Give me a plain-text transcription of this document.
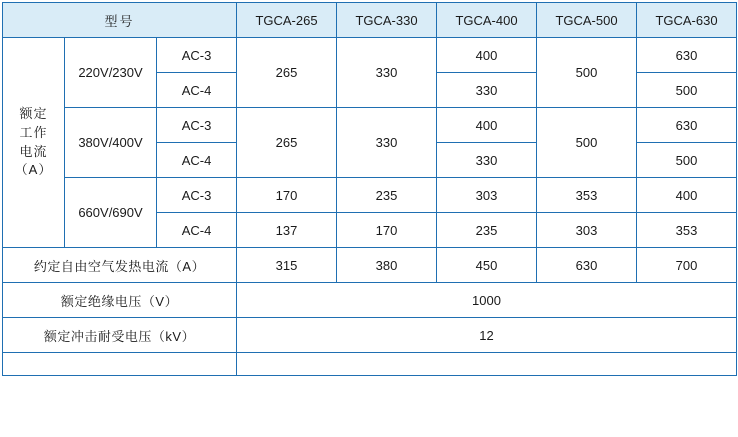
型号			TGCA-265	TGCA-330	TGCA-400	TGCA-500	TGCA-630

额定
工作
电流
（A）	220V/230V	AC-3	265	330	400	500	630
		AC-4			330		500
	380V/400V	AC-3	265	330	400	500	630
		AC-4			330		500
	660V/690V	AC-3	170	235	303	353	400
		AC-4	137	170	235	303	353
约定自由空气发热电流（A）			315	380	450	630	700
额定绝缘电压（V）			1000				
额定冲击耐受电压（kV）			12				
